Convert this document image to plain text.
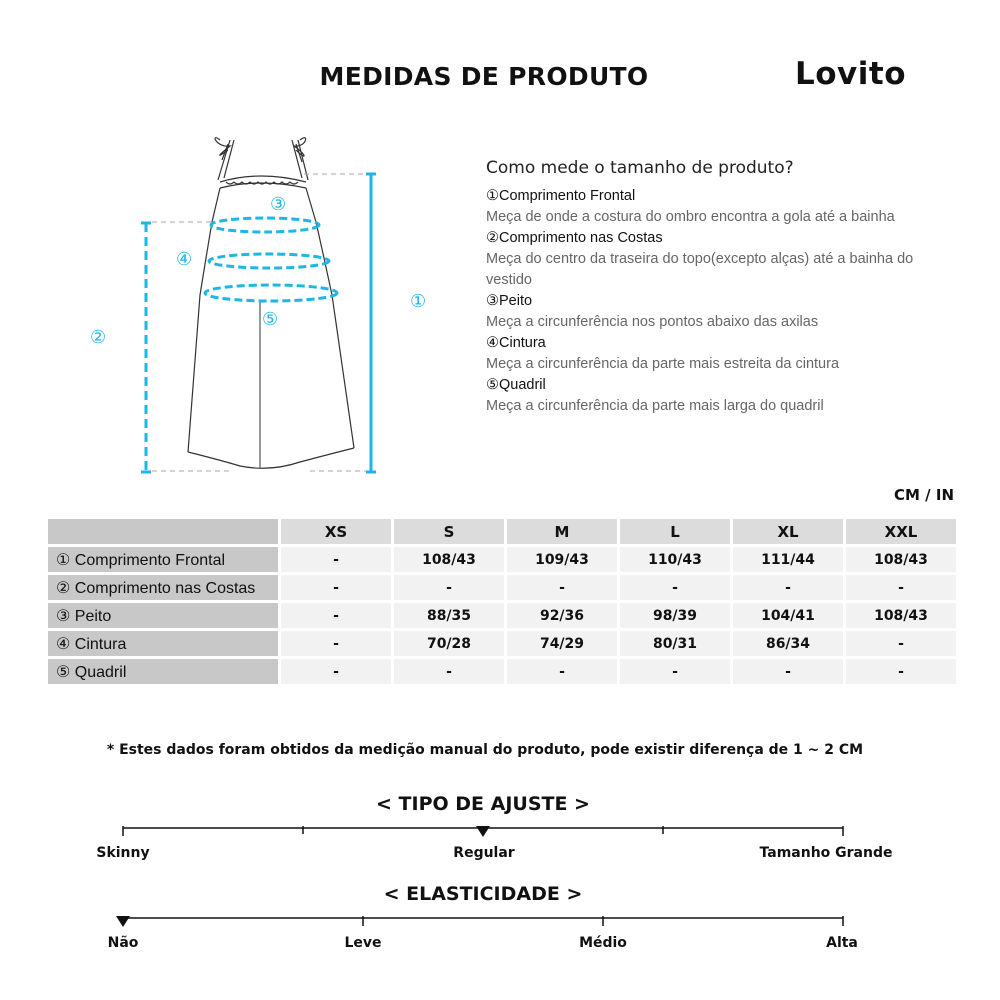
MEDIDAS DE PRODUTO	Lovito
①
②
③
④
⑤
Como mede o tamanho de produto?
①Comprimento Frontal
Meça de onde a costura do ombro encontra a gola até a bainha
②Comprimento nas Costas
Meça do centro da traseira do topo(excepto alças) até a bainha do vestido
③Peito
Meça a circunferência nos pontos abaixo das axilas
④Cintura
Meça a circunferência da parte mais estreita da cintura
⑤Quadril
Meça a circunferência da parte mais larga do quadril
CM / IN
	XS	S	M	L	XL	XXL
① Comprimento Frontal	-	108/43	109/43	110/43	111/44	108/43
② Comprimento nas Costas	-	-	-	-	-	-
③ Peito	-	88/35	92/36	98/39	104/41	108/43
④ Cintura	-	70/28	74/29	80/31	86/34	-
⑤ Quadril	-	-	-	-	-	-
* Estes dados foram obtidos da medição manual do produto, pode existir diferença de 1 ~ 2 CM
< TIPO DE AJUSTE >
Skinny	Regular	Tamanho Grande
< ELASTICIDADE >
Não	Leve	Médio	Alta
